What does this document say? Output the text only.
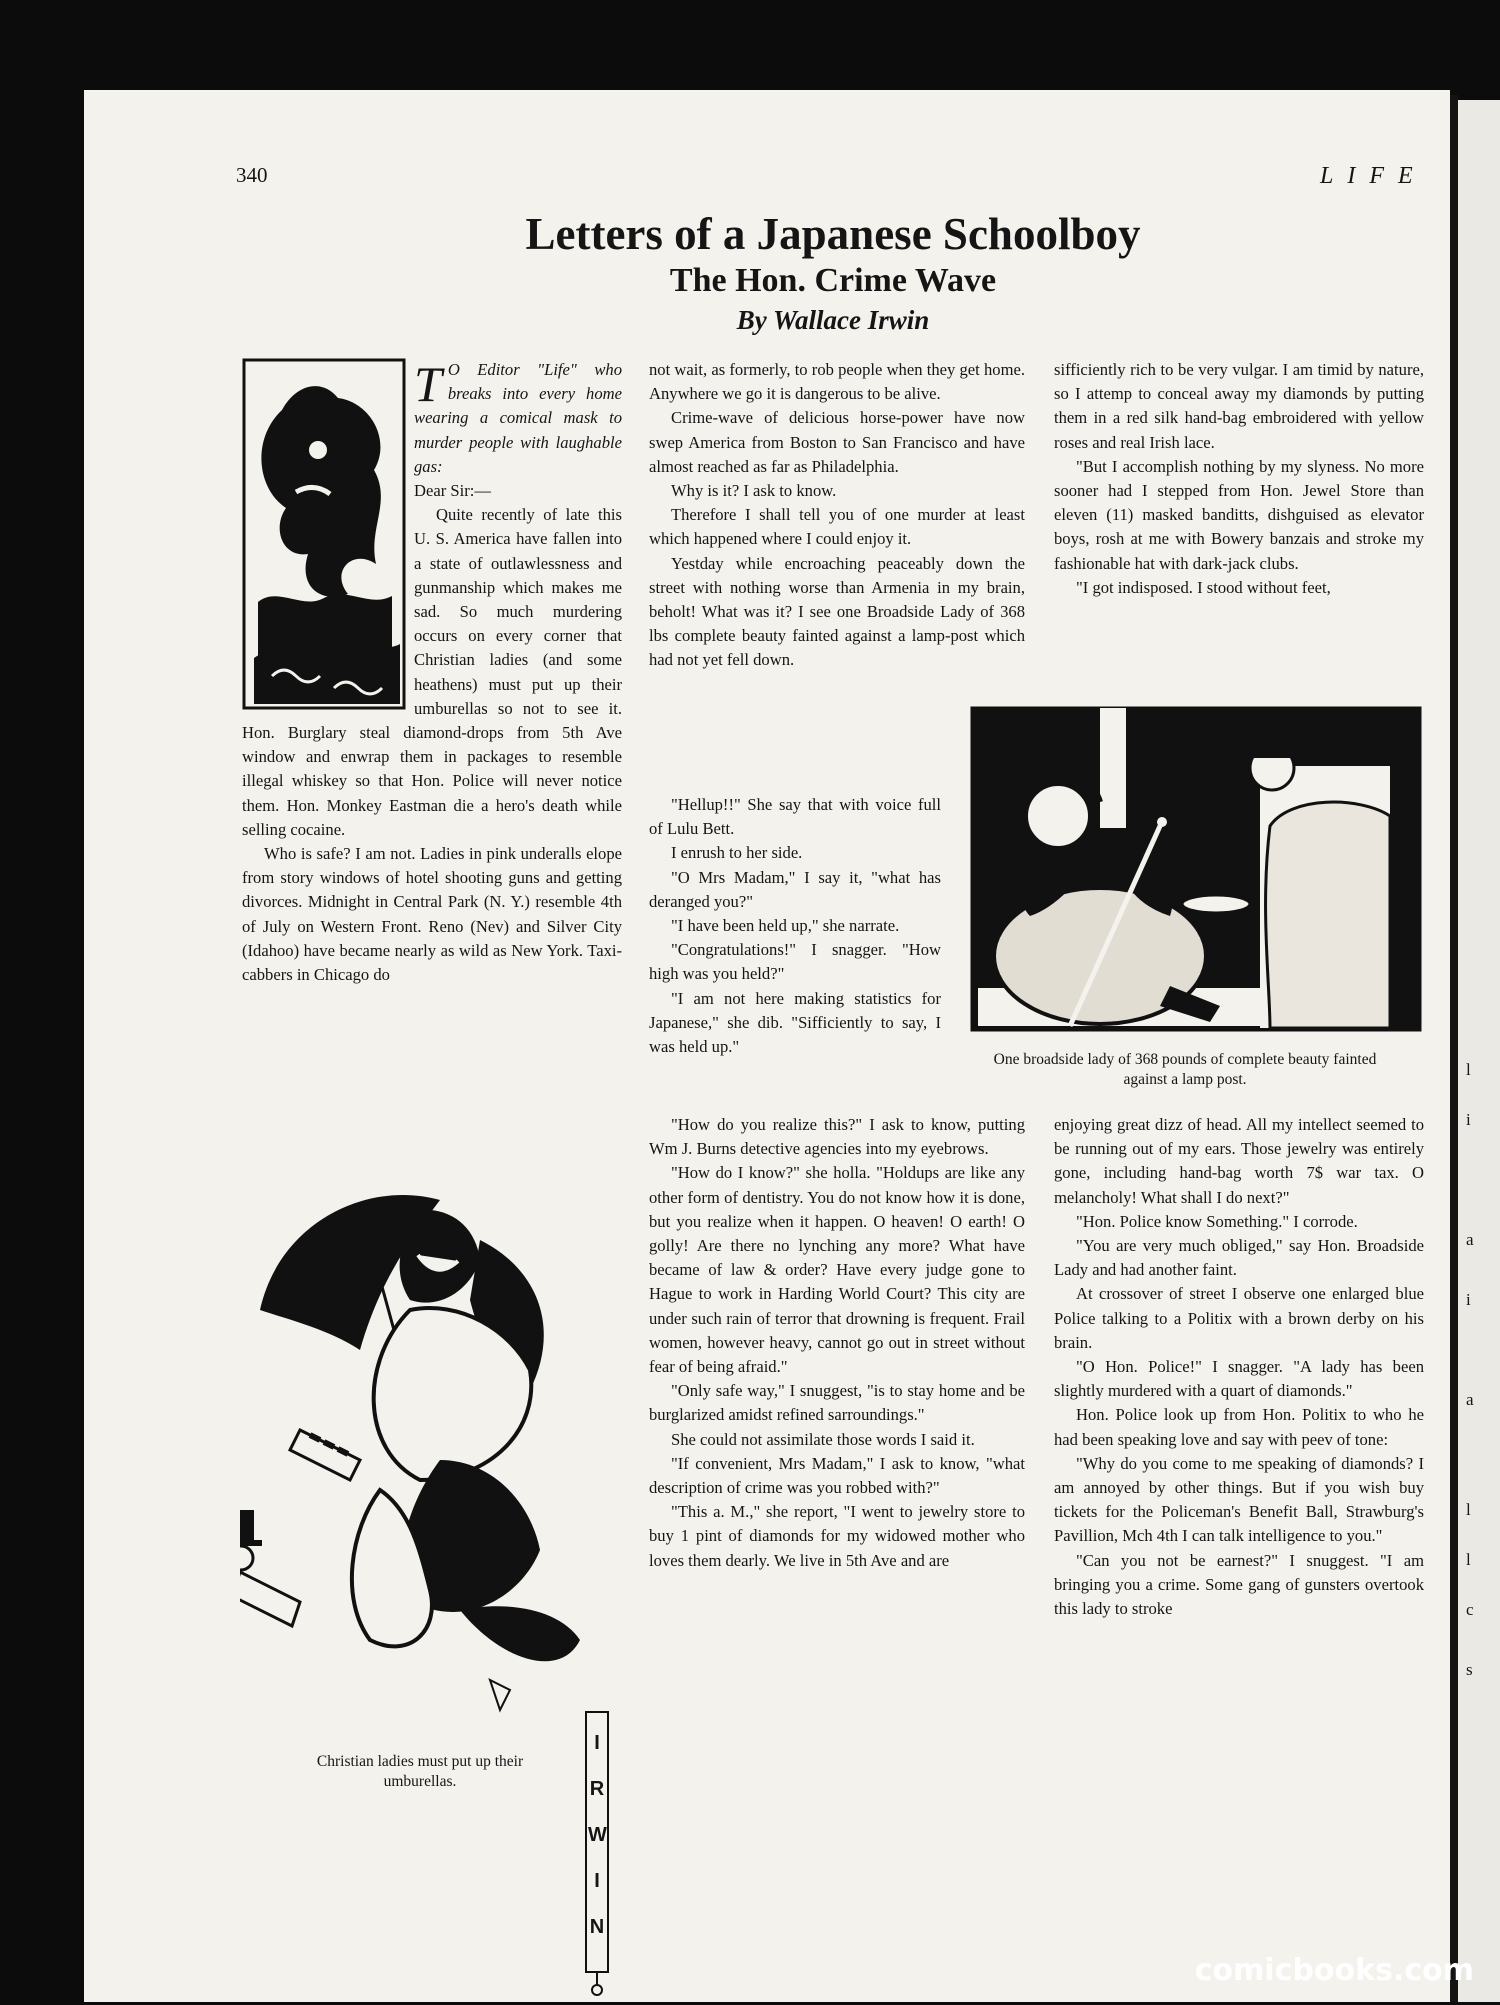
l
i
a
i
a
l
l
c
s
340	LIFE
Letters of a Japanese Schoolboy
The Hon. Crime Wave
By Wallace Irwin

T O Editor "Life" who breaks into every home wearing a comical mask to murder people with laughable gas:

Dear Sir:—

Quite recently of late this U. S. America have fallen into a state of outlawlessness and gunmanship which makes me sad. So much murdering occurs on every corner that Christian ladies (and some heathens) must put up their umburellas so not to see it. Hon. Burglary steal diamond-drops from 5th Ave window and enwrap them in packages to resemble illegal whiskey so that Hon. Police will never notice them. Hon. Monkey Eastman die a hero's death while selling cocaine.

Who is safe? I am not. Ladies in pink underalls elope from story windows of hotel shooting guns and getting divorces. Midnight in Central Park (N. Y.) resemble 4th of July on Western Front. Reno (Nev) and Silver City (Idahoo) have became nearly as wild as New York. Taxi-cabbers in Chicago do

Christian ladies must put up their umburellas.
IRWIN

not wait, as formerly, to rob people when they get home. Anywhere we go it is dangerous to be alive.

Crime-wave of delicious horse-power have now swep America from Boston to San Francisco and have almost reached as far as Philadelphia.

Why is it? I ask to know.

Therefore I shall tell you of one murder at least which happened where I could enjoy it.

Yestday while encroaching peaceably down the street with nothing worse than Armenia in my brain, beholt! What was it? I see one Broadside Lady of 368 lbs complete beauty fainted against a lamp-post which had not yet fell down.

"Hellup!!" She say that with voice full of Lulu Bett.

I enrush to her side.

"O Mrs Madam," I say it, "what has deranged you?"

"I have been held up," she narrate.

"Congratulations!" I snagger. "How high was you held?"

"I am not here making statistics for Japanese," she dib. "Sifficiently to say, I was held up."

One broadside lady of 368 pounds of complete beauty fainted against a lamp post.

"How do you realize this?" I ask to know, putting Wm J. Burns detective agencies into my eyebrows.

"How do I know?" she holla. "Holdups are like any other form of dentistry. You do not know how it is done, but you realize when it happen. O heaven! O earth! O golly! Are there no lynching any more? What have became of law & order? Have every judge gone to Hague to work in Harding World Court? This city are under such rain of terror that drowning is frequent. Frail women, however heavy, cannot go out in street without fear of being afraid."

"Only safe way," I snuggest, "is to stay home and be burglarized amidst refined sarroundings."

She could not assimilate those words I said it.

"If convenient, Mrs Madam," I ask to know, "what description of crime was you robbed with?"

"This a. M.," she report, "I went to jewelry store to buy 1 pint of diamonds for my widowed mother who loves them dearly. We live in 5th Ave and are

sifficiently rich to be very vulgar. I am timid by nature, so I attemp to conceal away my diamonds by putting them in a red silk hand-bag embroidered with yellow roses and real Irish lace.

"But I accomplish nothing by my slyness. No more sooner had I stepped from Hon. Jewel Store than eleven (11) masked banditts, dishguised as elevator boys, rosh at me with Bowery banzais and stroke my fashionable hat with dark-jack clubs.

"I got indisposed. I stood without feet,

enjoying great dizz of head. All my intellect seemed to be running out of my ears. Those jewelry was entirely gone, including hand-bag worth 7$ war tax. O melancholy! What shall I do next?"

"Hon. Police know Something." I corrode.

"You are very much obliged," say Hon. Broadside Lady and had another faint.

At crossover of street I observe one enlarged blue Police talking to a Politix with a brown derby on his brain.

"O Hon. Police!" I snagger. "A lady has been slightly murdered with a quart of diamonds."

Hon. Police look up from Hon. Politix to who he had been speaking love and say with peev of tone:

"Why do you come to me speaking of diamonds? I am annoyed by other things. But if you wish buy tickets for the Policeman's Benefit Ball, Strawburg's Pavillion, Mch 4th I can talk intelligence to you."

"Can you not be earnest?" I snuggest. "I am bringing you a crime. Some gang of gunsters overtook this lady to stroke

comicbooks.com
